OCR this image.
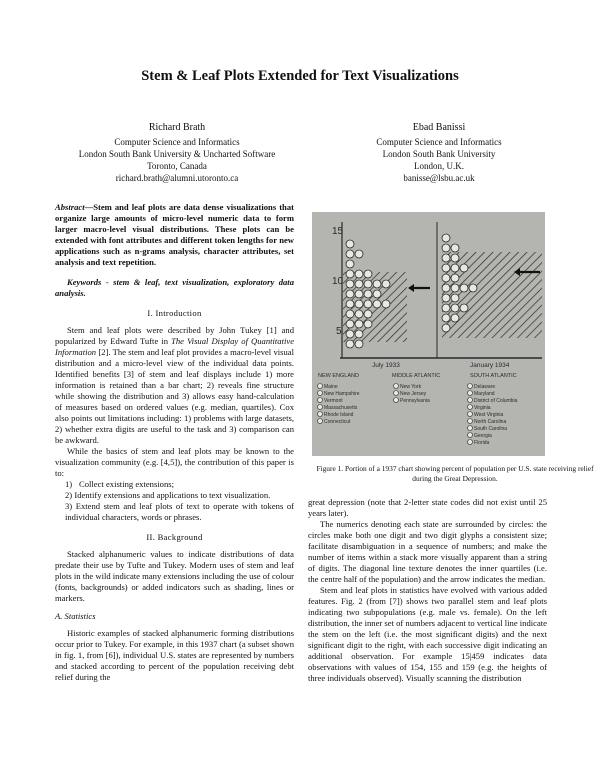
Stem & Leaf Plots Extended for Text Visualizations
Richard Brath
Computer Science and Informatics
London South Bank University & Uncharted Software
Toronto, Canada
richard.brath@alumni.utoronto.ca
Ebad Banissi
Computer Science and Informatics
London South Bank University
London, U.K.
banisse@lsbu.ac.uk

Abstract—Stem and leaf plots are data dense visualizations that organize large amounts of micro-level numeric data to form larger macro-level visual distributions. These plots can be extended with font attributes and different token lengths for new applications such as n-grams analysis, character attributes, set analysis and text repetition.

Keywords - stem & leaf, text visualization, exploratory data analysis.

I. Introduction

Stem and leaf plots were described by John Tukey [1] and popularized by Edward Tufte in The Visual Display of Quantitative Information [2]. The stem and leaf plot provides a macro-level visual distribution and a micro-level view of the individual data points. Identified benefits [3] of stem and leaf displays include 1) more information is retained than a bar chart; 2) reveals fine structure while showing the distribution and 3) allows easy hand-calculation of measures based on ordered values (e.g. median, quartiles). Cox also points out limitations including: 1) problems with large datasets, 2) whether extra digits are useful to the task and 3) comparison can be awkward.

While the basics of stem and leaf plots may be known to the visualization community (e.g. [4,5]), the contribution of this paper is to:

1) Collect existing extensions;
2) Identify extensions and applications to text visualization.
3) Extend stem and leaf plots of text to operate with tokens of individual characters, words or phrases.
II. Background

Stacked alphanumeric values to indicate distributions of data predate their use by Tufte and Tukey. Modern uses of stem and leaf plots in the wild indicate many extensions including the use of colour (fonts, backgrounds) or added indicators such as shading, lines or markers.

A. Statistics

Historic examples of stacked alphanumeric forming distributions occur prior to Tukey. For example, in this 1937 chart (a subset shown in fig. 1, from [6]), individual U.S. states are represented by numbers and stacked according to percent of the population receiving debt relief during the

15
10
5
July 1933	January 1934
NEW ENGLAND	MIDDLE ATLANTIC	SOUTH ATLANTIC
Maine
New Hampshire
Vermont
Massachusetts
Rhode Island
Connecticut
New York
New Jersey
Pennsylvania
Delaware
Maryland
District of Columbia
Virginia
West Virginia
North Carolina
South Carolina
Georgia
Florida
Figure 1. Portion of a 1937 chart showing percent of population per U.S. state receiving relief during the Great Depression.

great depression (note that 2-letter state codes did not exist until 25 years later).

The numerics denoting each state are surrounded by circles: the circles make both one digit and two digit glyphs a consistent size; facilitate disambiguation in a sequence of numbers; and make the number of items within a stack more visually apparent than a string of digits. The diagonal line texture denotes the inner quartiles (i.e. the centre half of the population) and the arrow indicates the median.

Stem and leaf plots in statistics have evolved with various added features. Fig. 2 (from [7]) shows two parallel stem and leaf plots indicating two subpopulations (e.g. male vs. female). On the left distribution, the inner set of numbers adjacent to vertical line indicate the stem on the left (i.e. the most significant digits) and the next significant digit to the right, with each successive digit indicating an additional observation. For example 15|459 indicates data observations with values of 154, 155 and 159 (e.g. the heights of three individuals observed). Visually scanning the distribution
